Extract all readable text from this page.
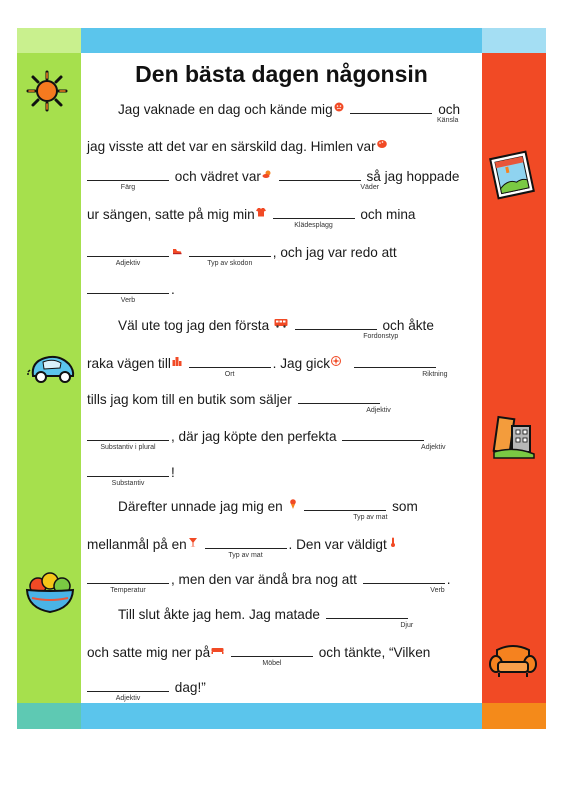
Den bästa dagen någonsin
Jag vaknade en dag och kände mig
Känsla
och
jag visste att det var en särskild dag. Himlen var
Färg
och vädret var
Väder
så jag hoppade
ur sängen, satte på mig min
Klädesplagg
och mina
Adjektiv
	Typ av skodon
, och jag var redo att
Verb
.
Väl ute tog jag den första
Fordonstyp
och åkte
raka vägen till
Ort
. Jag gick
Riktning
tills jag kom till en butik som säljer
Adjektiv
Substantiv i plural
, där jag köpte den perfekta
Adjektiv
Substantiv
!
Därefter unnade jag mig en
Typ av mat
som
mellanmål på en
Typ av mat
. Den var väldigt
Temperatur
, men den var ändå bra nog att
Verb
.
Till slut åkte jag hem. Jag matade
Djur
och satte mig ner på
Möbel
och tänkte, “Vilken
Adjektiv
dag!”
